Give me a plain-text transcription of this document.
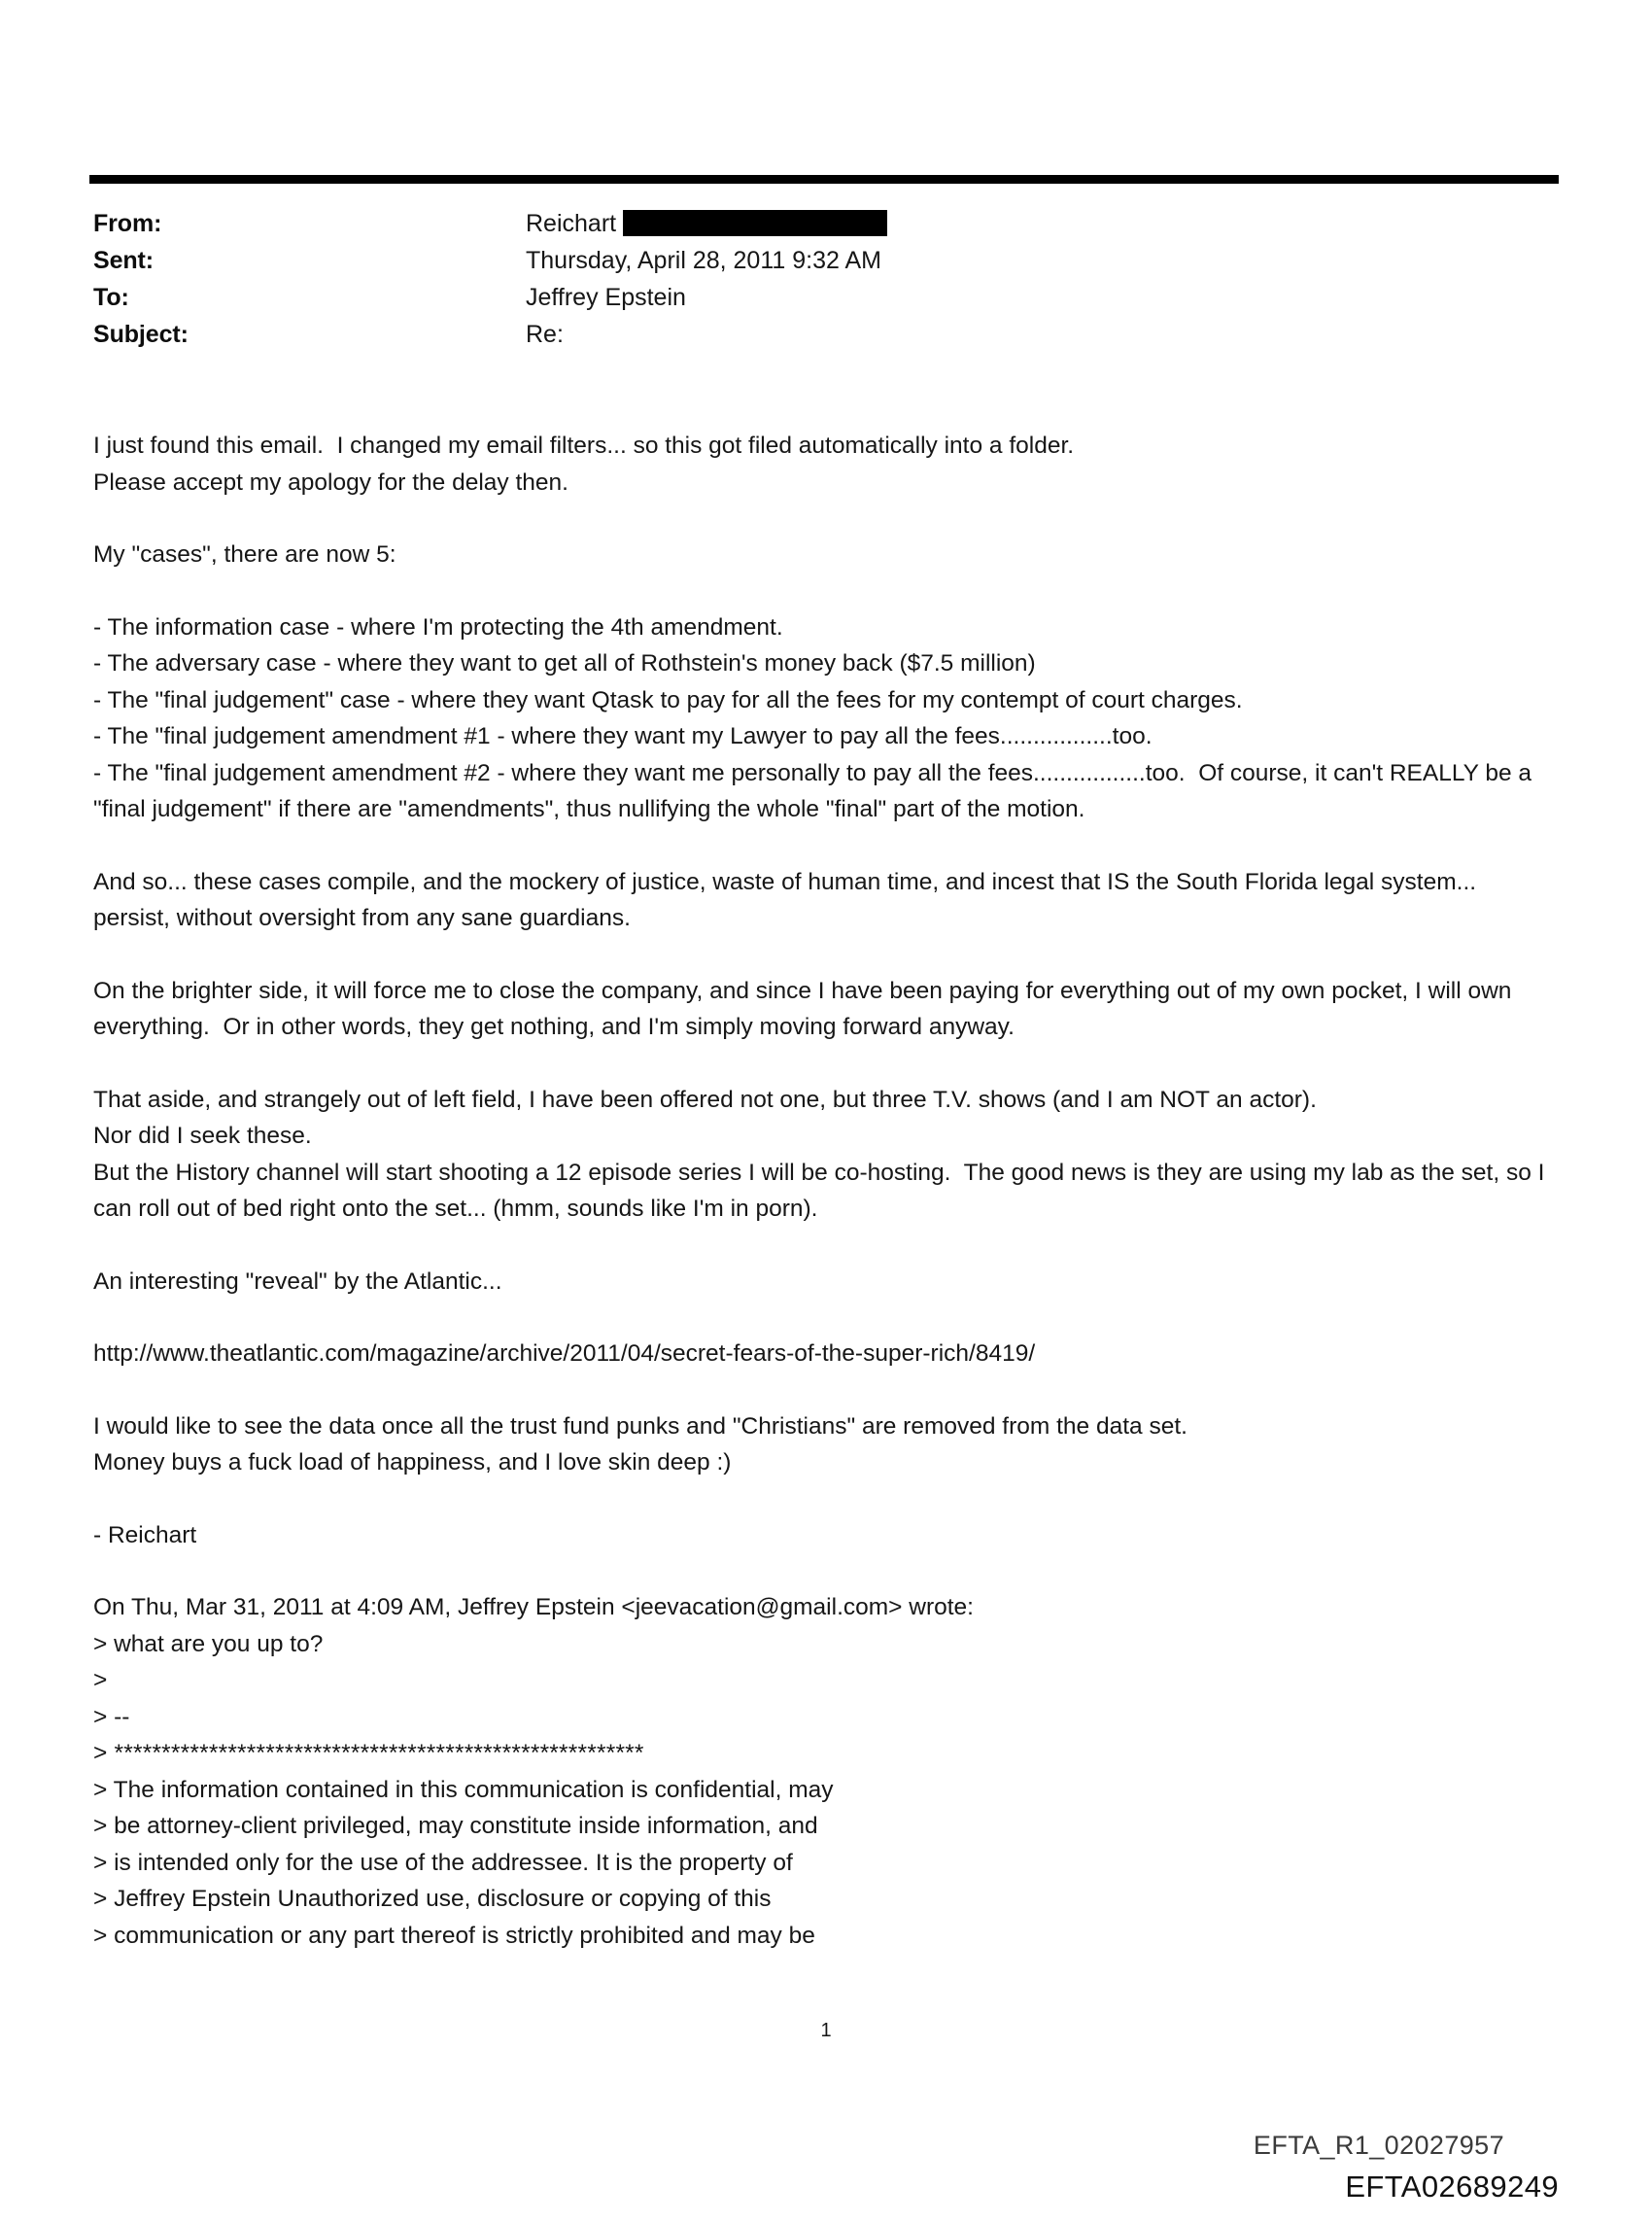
From:	Reichart
Sent:	Thursday, April 28, 2011 9:32 AM
To:	Jeffrey Epstein
Subject:	Re:

I just found this email.  I changed my email filters... so this got filed automatically into a folder.

Please accept my apology for the delay then.

My "cases", there are now 5:

- The information case - where I'm protecting the 4th amendment.

- The adversary case - where they want to get all of Rothstein's money back ($7.5 million)

- The "final judgement" case - where they want Qtask to pay for all the fees for my contempt of court charges.

- The "final judgement amendment #1 - where they want my Lawyer to pay all the fees.................too.

- The "final judgement amendment #2 - where they want me personally to pay all the fees.................too.  Of course, it can't REALLY be a "final judgement" if there are "amendments", thus nullifying the whole "final" part of the motion.

And so... these cases compile, and the mockery of justice, waste of human time, and incest that IS the South Florida legal system...

persist, without oversight from any sane guardians.

On the brighter side, it will force me to close the company, and since I have been paying for everything out of my own pocket, I will own everything.  Or in other words, they get nothing, and I'm simply moving forward anyway.

That aside, and strangely out of left field, I have been offered not one, but three T.V. shows (and I am NOT an actor).

Nor did I seek these.

But the History channel will start shooting a 12 episode series I will be co-hosting.  The good news is they are using my lab as the set, so I can roll out of bed right onto the set... (hmm, sounds like I'm in porn).

An interesting "reveal" by the Atlantic...

http://www.theatlantic.com/magazine/archive/2011/04/secret-fears-of-the-super-rich/8419/

I would like to see the data once all the trust fund punks and "Christians" are removed from the data set.

Money buys a fuck load of happiness, and I love skin deep :)

- Reichart

On Thu, Mar 31, 2011 at 4:09 AM, Jeffrey Epstein <jeevacation@gmail.com> wrote:

> what are you up to?

>

> --

> ********************************************************

> The information contained in this communication is confidential, may

> be attorney-client privileged, may constitute inside information, and

> is intended only for the use of the addressee. It is the property of

> Jeffrey Epstein Unauthorized use, disclosure or copying of this

> communication or any part thereof is strictly prohibited and may be

1
EFTA_R1_02027957
EFTA02689249
